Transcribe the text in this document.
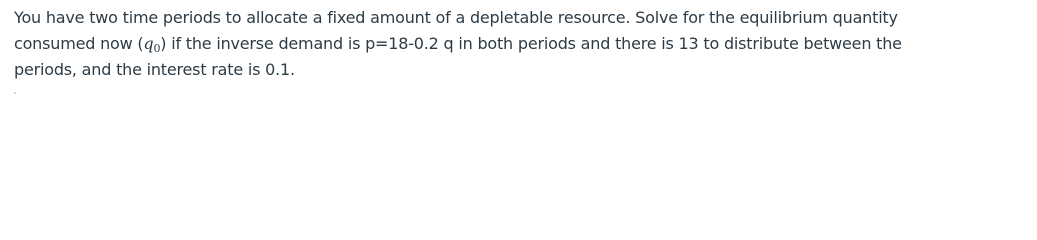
You have two time periods to allocate a fixed amount of a depletable resource. Solve for the equilibrium quantity
consumed now $(q_0)$ if the inverse demand is p=18-0.2 q in both periods and there is 13 to distribute between the
periods, and the interest rate is 0.1.
